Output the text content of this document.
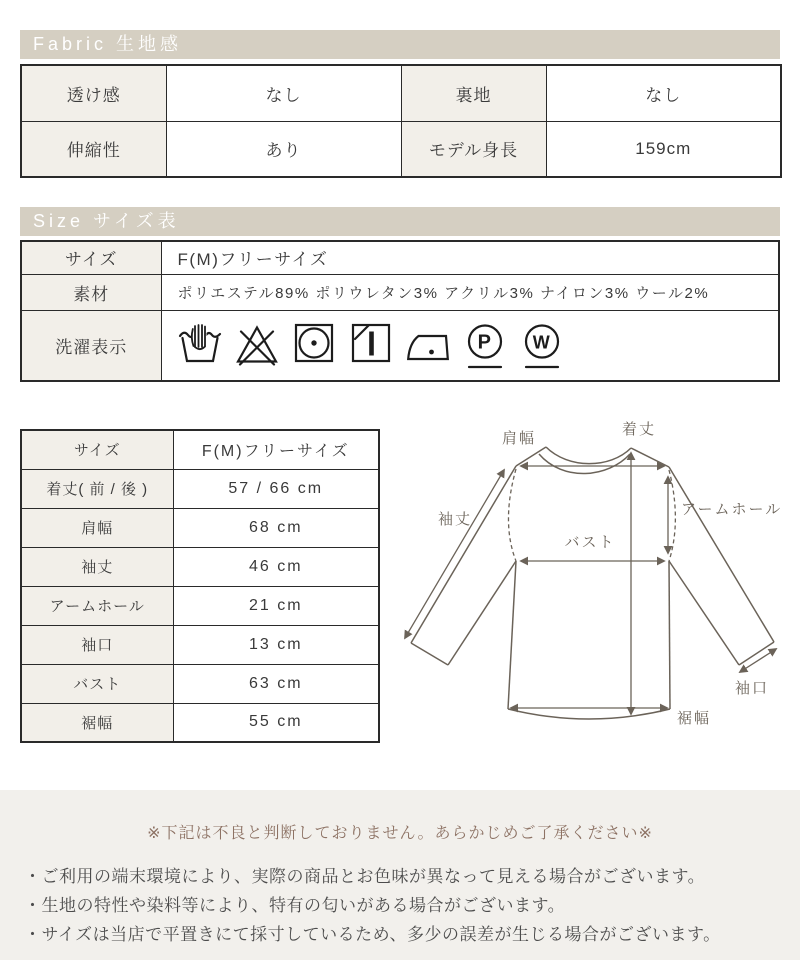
Fabric 生地感
透け感	なし	裏地	なし
伸縮性	あり	モデル身長	159cm
Size サイズ表
サイズ	F(M)フリーサイズ
素材	ポリエステル89% ポリウレタン3% アクリル3% ナイロン3% ウール2%
洗濯表示	P W
サイズ	F(M)フリーサイズ
着丈( 前 / 後 )	57 / 66 cm
肩幅	68 cm
袖丈	46 cm
アームホール	21 cm
袖口	13 cm
バスト	63 cm
裾幅	55 cm
肩幅
着丈
袖丈
バスト
アームホール
袖口
裾幅
※下記は不良と判断しておりません。あらかじめご了承ください※
・ご利用の端末環境により、実際の商品とお色味が異なって見える場合がございます。
・生地の特性や染料等により、特有の匂いがある場合がございます。
・サイズは当店で平置きにて採寸しているため、多少の誤差が生じる場合がございます。
